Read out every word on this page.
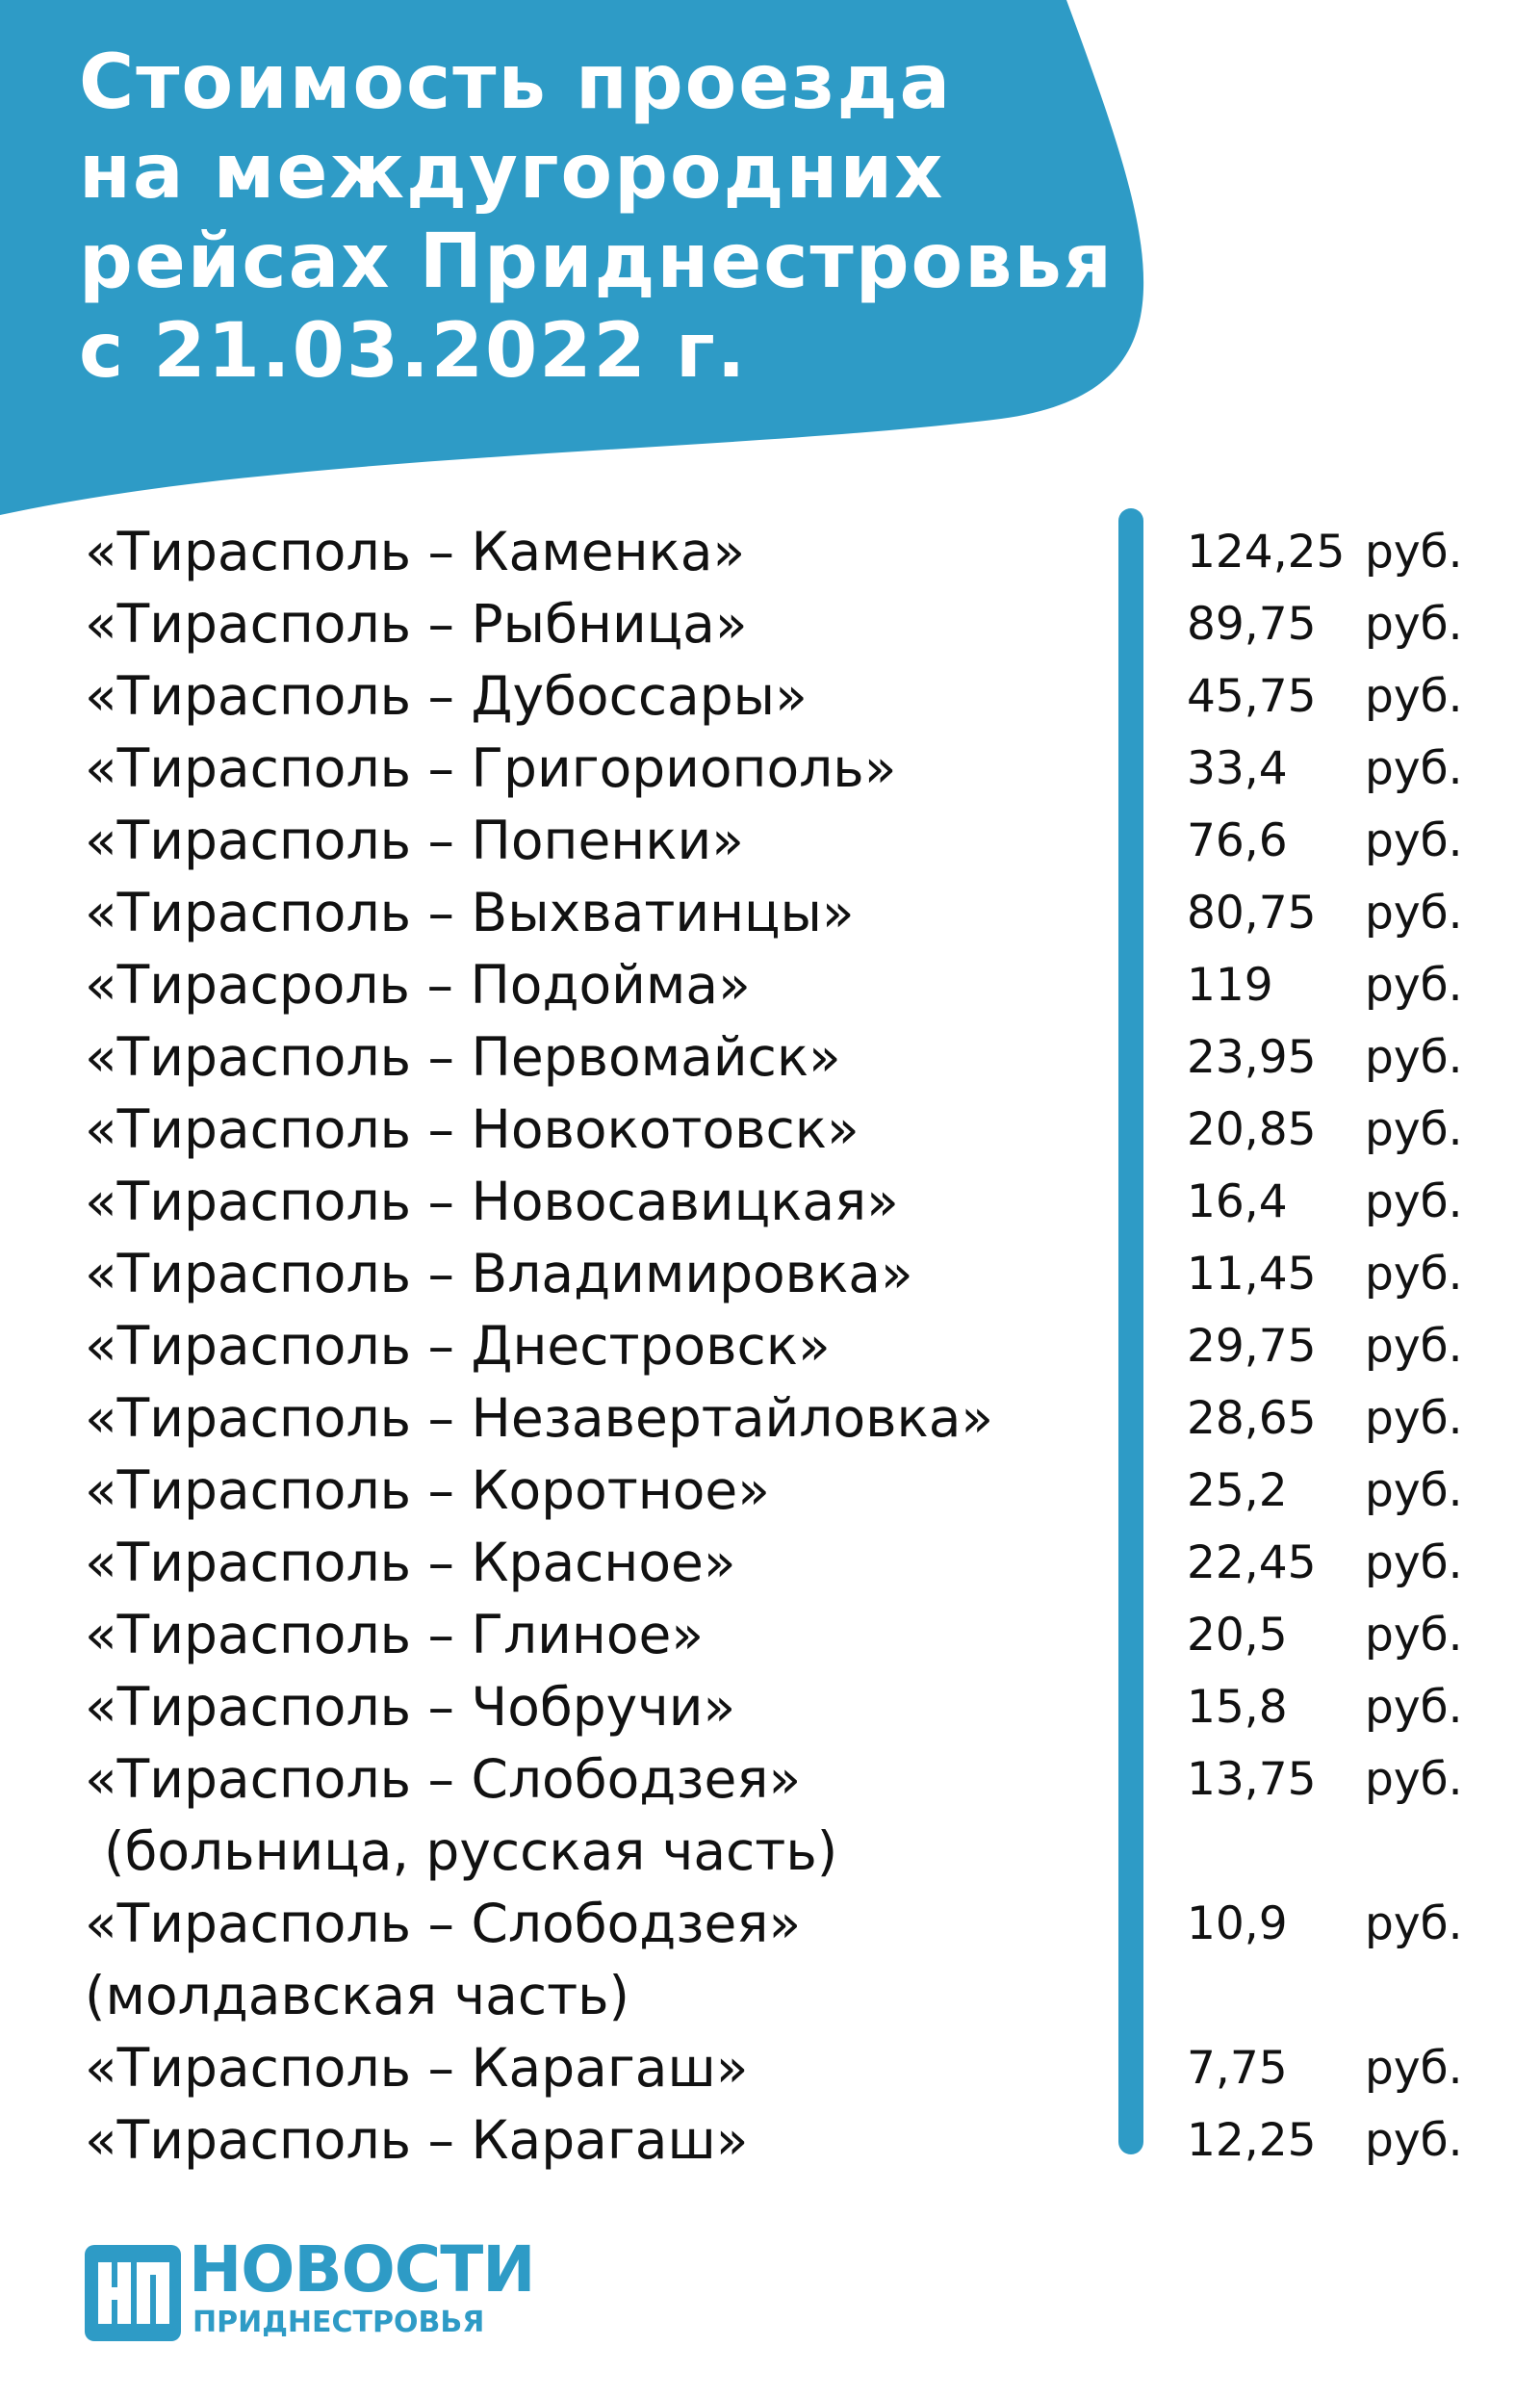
Стоимость проезда
на междугородних
рейсах Приднестровья
с 21.03.2022 г.
«Тирасполь – Каменка»	124,25 руб.
«Тирасполь – Рыбница»	89,75	руб.
«Тирасполь – Дубоссары»	45,75	руб.
«Тирасполь – Григориополь»	33,4	руб.
«Тирасполь – Попенки»	76,6	руб.
«Тирасполь – Выхватинцы»	80,75	руб.
«Тирасроль – Подойма»	119	руб.
«Тирасполь – Первомайск»	23,95	руб.
«Тирасполь – Новокотовск»	20,85	руб.
«Тирасполь – Новосавицкая»	16,4	руб.
«Тирасполь – Владимировка»	11,45	руб.
«Тирасполь – Днестровск»	29,75	руб.
«Тирасполь – Незавертайловка»	28,65	руб.
«Тирасполь – Коротное»	25,2	руб.
«Тирасполь – Красное»	22,45	руб.
«Тирасполь – Глиное»	20,5	руб.
«Тирасполь – Чобручи»	15,8	руб.
«Тирасполь – Слободзея»
(больница, русская часть)
13,75	руб.
«Тирасполь – Слободзея»
(молдавская часть)
10,9	руб.
«Тирасполь – Карагаш»	7,75	руб.
«Тирасполь – Карагаш»	12,25	руб.
НОВОСТИ
ПРИДНЕСТРОВЬЯ
